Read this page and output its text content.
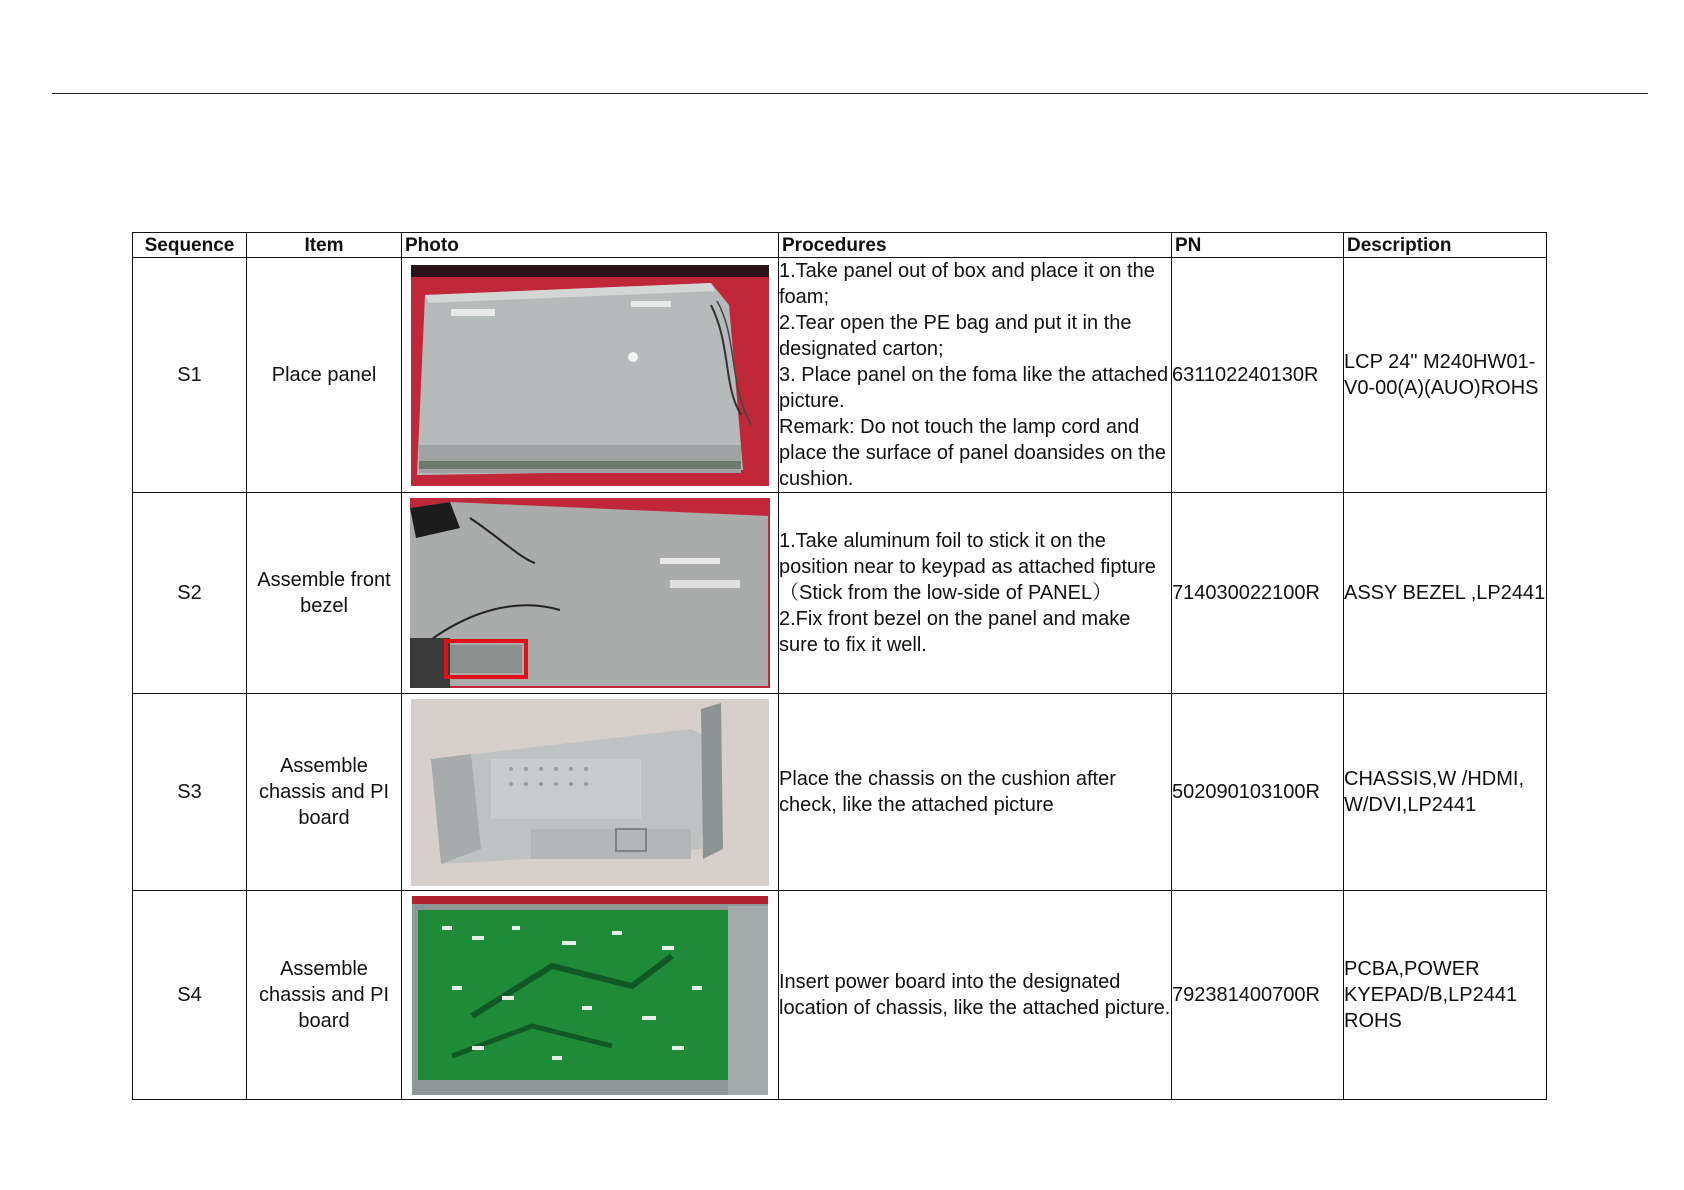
Sequence	Item	Photo	Procedures	PN	Description
S1	Place panel		1.Take panel out of box and place it on the foam;
2.Tear open the PE bag and put it in the designated carton;
3. Place panel on the foma like the attached picture.
Remark: Do not touch the lamp cord and place the surface of panel doansides on the cushion.	631102240130R	LCP 24" M240HW01-V0-00(A)(AUO)ROHS
S2	Assemble front bezel		1.Take aluminum foil to stick it on the position near to keypad as attached fipture（Stick from the low-side of PANEL）
2.Fix front bezel on the panel and make sure to fix it well.	714030022100R	ASSY BEZEL ,LP2441
S3	Assemble chassis and PI board		Place the chassis on the cushion after check, like the attached picture	502090103100R	CHASSIS,W /HDMI, W/DVI,LP2441
S4	Assemble chassis and PI board		Insert power board into the designated location of chassis, like the attached picture.	792381400700R	PCBA,POWER KYEPAD/B,LP2441 ROHS
